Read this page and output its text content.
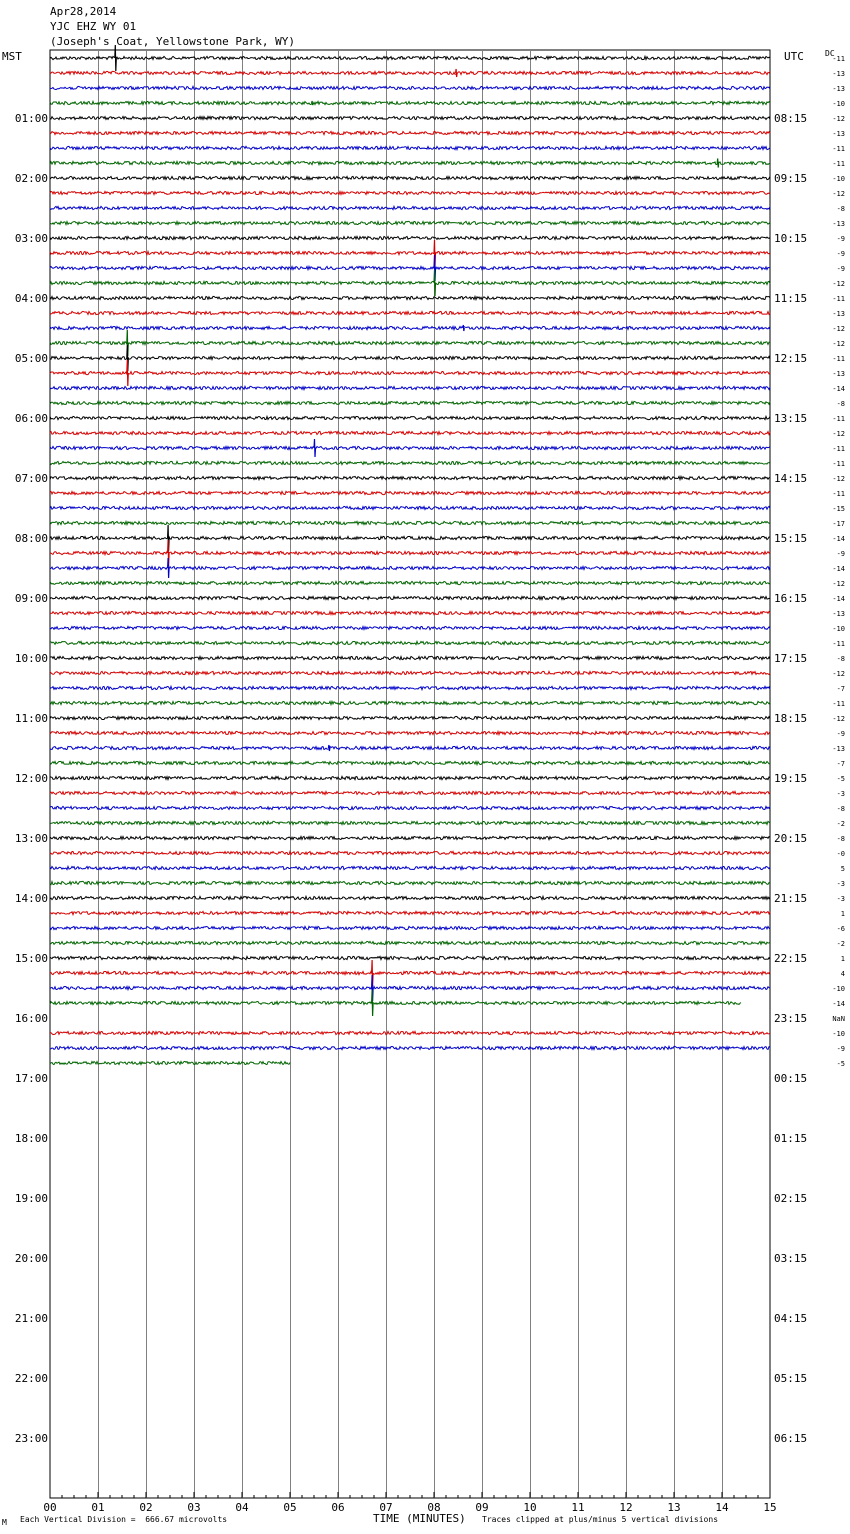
Apr28,2014
YJC EHZ WY 01
(Joseph's Coat, Yellowstone Park, WY)
MST	UTC	DC
00	01	02	03	04	05	06	07	08	09	10	11	12	13	14	15
01:00	08:15
02:00	09:15
03:00	10:15
04:00	11:15
05:00	12:15
06:00	13:15
07:00	14:15
08:00	15:15
09:00	16:15
10:00	17:15
11:00	18:15
12:00	19:15
13:00	20:15
14:00	21:15
15:00	22:15
16:00	23:15
17:00	00:15
18:00	01:15
19:00	02:15
20:00	03:15
21:00	04:15
22:00	05:15
23:00	06:15
-11
-13
-13
-10
-12
-13
-11
-11
-10
-12
-8
-13
-9
-9
-9
-12
-11
-13
-12
-12
-11
-13
-14
-8
-11
-12
-11
-11
-12
-11
-15
-17
-14
-9
-14
-12
-14
-13
-10
-11
-8
-12
-7
-11
-12
-9
-13
-7
-5
-3
-8
-2
-8
-0
5
-3
-3
1
-6
-2
1
4
-10
-14
NaN
-10
-9
-5
M Each Vertical Division =  666.67 microvolts	TIME (MINUTES) Traces clipped at plus/minus 5 vertical divisions
